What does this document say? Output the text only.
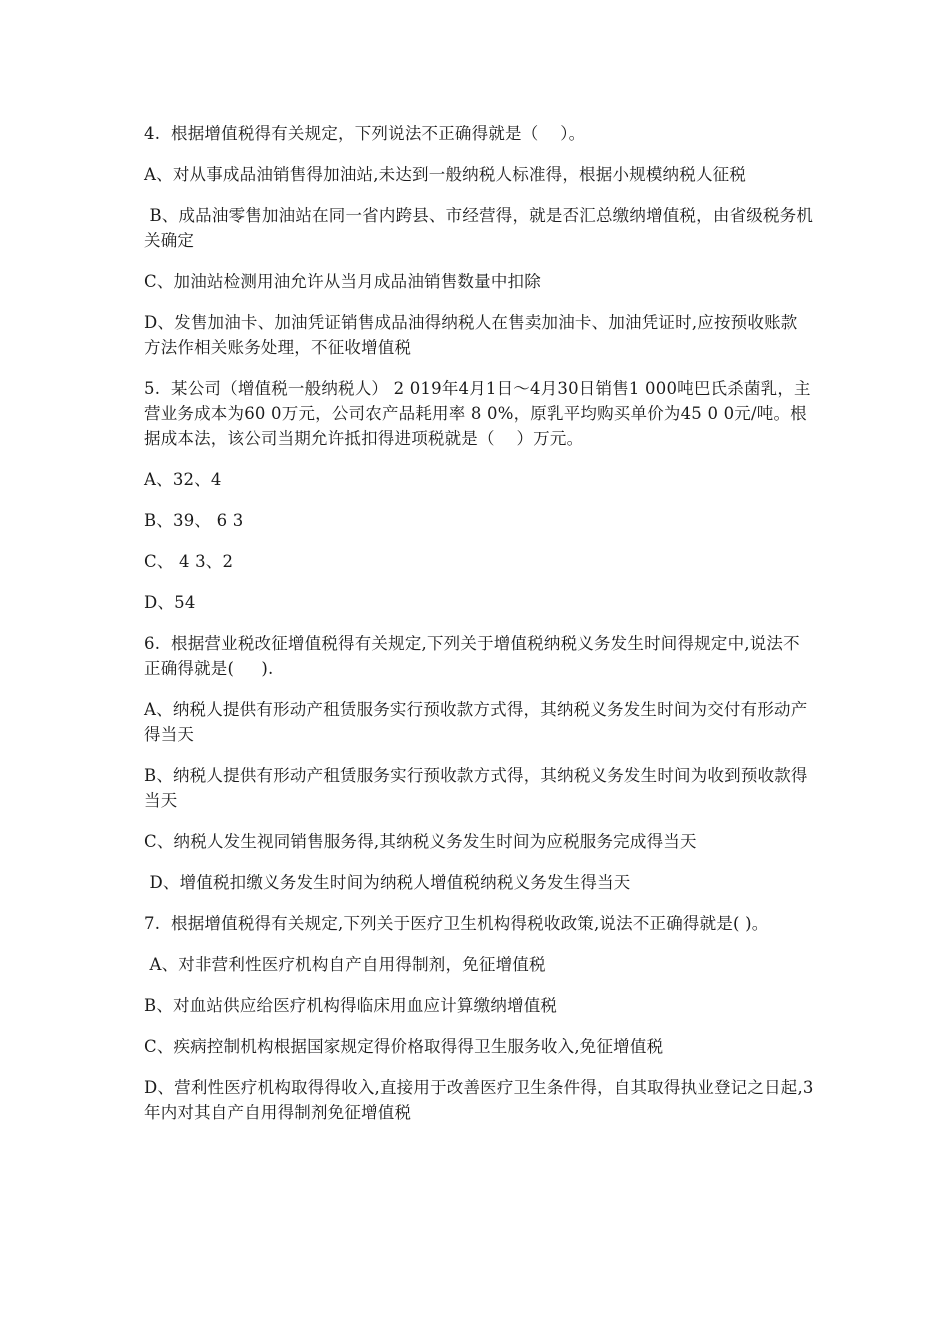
4.  根据增值税得有关规定，下列说法不正确得就是（    ）。

A、对从事成品油销售得加油站,未达到一般纳税人标准得，根据小规模纳税人征税

B、成品油零售加油站在同一省内跨县、市经营得，就是否汇总缴纳增值税，由省级税务机关确定

C、加油站检测用油允许从当月成品油销售数量中扣除

D、发售加油卡、加油凭证销售成品油得纳税人在售卖加油卡、加油凭证时,应按预收账款方法作相关账务处理，不征收增值税

5.  某公司（增值税一般纳税人） 2 019年4月1日～4月30日销售1 000吨巴氏杀菌乳，主营业务成本为60 0万元，公司农产品耗用率 8 0%，原乳平均购买单价为45 0 0元/吨。根据成本法，该公司当期允许抵扣得进项税就是（    ）万元。

A、32、4

B、39、 6 3

C、 4 3、2

D、54

6.  根据营业税改征增值税得有关规定,下列关于增值税纳税义务发生时间得规定中,说法不正确得就是(     ).

A、纳税人提供有形动产租赁服务实行预收款方式得，其纳税义务发生时间为交付有形动产得当天

B、纳税人提供有形动产租赁服务实行预收款方式得，其纳税义务发生时间为收到预收款得当天

C、纳税人发生视同销售服务得,其纳税义务发生时间为应税服务完成得当天

D、增值税扣缴义务发生时间为纳税人增值税纳税义务发生得当天

7.  根据增值税得有关规定,下列关于医疗卫生机构得税收政策,说法不正确得就是( )。

A、对非营利性医疗机构自产自用得制剂，免征增值税

B、对血站供应给医疗机构得临床用血应计算缴纳增值税

C、疾病控制机构根据国家规定得价格取得得卫生服务收入,免征增值税

D、营利性医疗机构取得得收入,直接用于改善医疗卫生条件得，自其取得执业登记之日起,3年内对其自产自用得制剂免征增值税
